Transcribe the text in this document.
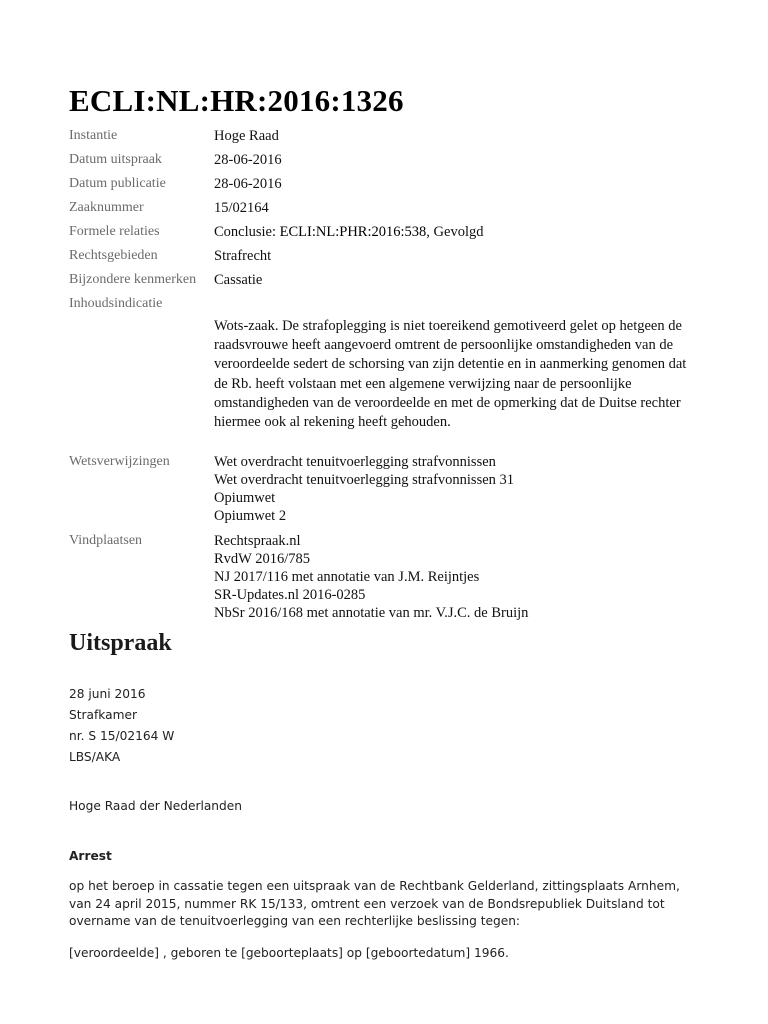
ECLI:NL:HR:2016:1326
Instantie	Hoge Raad
Datum uitspraak	28-06-2016
Datum publicatie	28-06-2016
Zaaknummer	15/02164
Formele relaties	Conclusie: ECLI:NL:PHR:2016:538, Gevolgd
Rechtsgebieden	Strafrecht
Bijzondere kenmerken	Cassatie
Inhoudsindicatie
Wots-zaak. De strafoplegging is niet toereikend gemotiveerd gelet op hetgeen de
raadsvrouwe heeft aangevoerd omtrent de persoonlijke omstandigheden van de
veroordeelde sedert de schorsing van zijn detentie en in aanmerking genomen dat
de Rb. heeft volstaan met een algemene verwijzing naar de persoonlijke
omstandigheden van de veroordeelde en met de opmerking dat de Duitse rechter
hiermee ook al rekening heeft gehouden.
Wetsverwijzingen	Wet overdracht tenuitvoerlegging strafvonnissen
Wet overdracht tenuitvoerlegging strafvonnissen 31
Opiumwet
Opiumwet 2
Vindplaatsen	Rechtspraak.nl
RvdW 2016/785
NJ 2017/116 met annotatie van J.M. Reijntjes
SR-Updates.nl 2016-0285
NbSr 2016/168 met annotatie van mr. V.J.C. de Bruijn
Uitspraak
28 juni 2016
Strafkamer
nr. S 15/02164 W
LBS/AKA
Hoge Raad der Nederlanden
Arrest
op het beroep in cassatie tegen een uitspraak van de Rechtbank Gelderland, zittingsplaats Arnhem,
van 24 april 2015, nummer RK 15/133, omtrent een verzoek van de Bondsrepubliek Duitsland tot
overname van de tenuitvoerlegging van een rechterlijke beslissing tegen:
[veroordeelde] , geboren te [geboorteplaats] op [geboortedatum] 1966.
